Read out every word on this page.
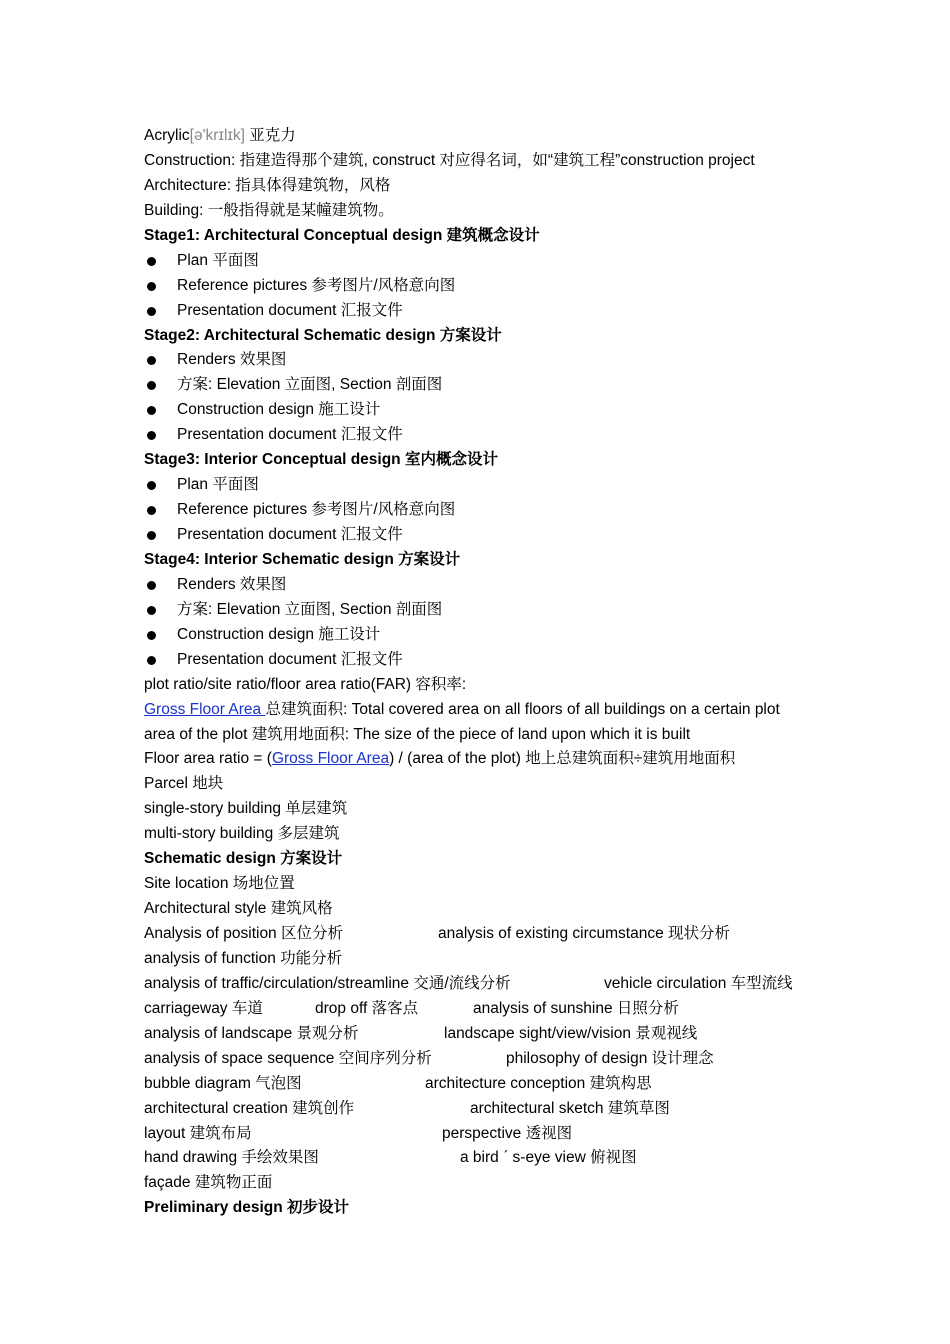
Acrylic[ə'krɪlɪk] 亚克力
Construction: 指建造得那个建筑, construct 对应得名词，如“建筑工程”construction project
Architecture: 指具体得建筑物，风格
Building: 一般指得就是某幢建筑物。
Stage1: Architectural Conceptual design 建筑概念设计
Plan 平面图
Reference pictures 参考图片/风格意向图
Presentation document 汇报文件
Stage2: Architectural Schematic design 方案设计
Renders 效果图
方案: Elevation 立面图, Section 剖面图
Construction design 施工设计
Presentation document 汇报文件
Stage3: Interior Conceptual design 室内概念设计
Plan 平面图
Reference pictures 参考图片/风格意向图
Presentation document 汇报文件
Stage4: Interior Schematic design 方案设计
Renders 效果图
方案: Elevation 立面图, Section 剖面图
Construction design 施工设计
Presentation document 汇报文件
plot ratio/site ratio/floor area ratio(FAR) 容积率:
Gross Floor Area 总建筑面积: Total covered area on all floors of all buildings on a certain plot
area of the plot 建筑用地面积: The size of the piece of land upon which it is built
Floor area ratio = (Gross Floor Area) / (area of the plot) 地上总建筑面积÷建筑用地面积
Parcel 地块
single-story building 单层建筑
multi-story building 多层建筑
Schematic design 方案设计
Site location 场地位置
Architectural style 建筑风格
Analysis of position 区位分析	analysis of existing circumstance 现状分析
analysis of function 功能分析
analysis of traffic/circulation/streamline 交通/流线分析	vehicle circulation 车型流线
carriageway 车道	drop off 落客点	analysis of sunshine 日照分析
analysis of landscape 景观分析	landscape sight/view/vision 景观视线
analysis of space sequence 空间序列分析	philosophy of design 设计理念
bubble diagram 气泡图	architecture conception 建筑构思
architectural creation 建筑创作	architectural sketch 建筑草图
layout 建筑布局	perspective 透视图
hand drawing 手绘效果图	a bird ˊ s-eye view 俯视图
façade 建筑物正面
Preliminary design 初步设计
